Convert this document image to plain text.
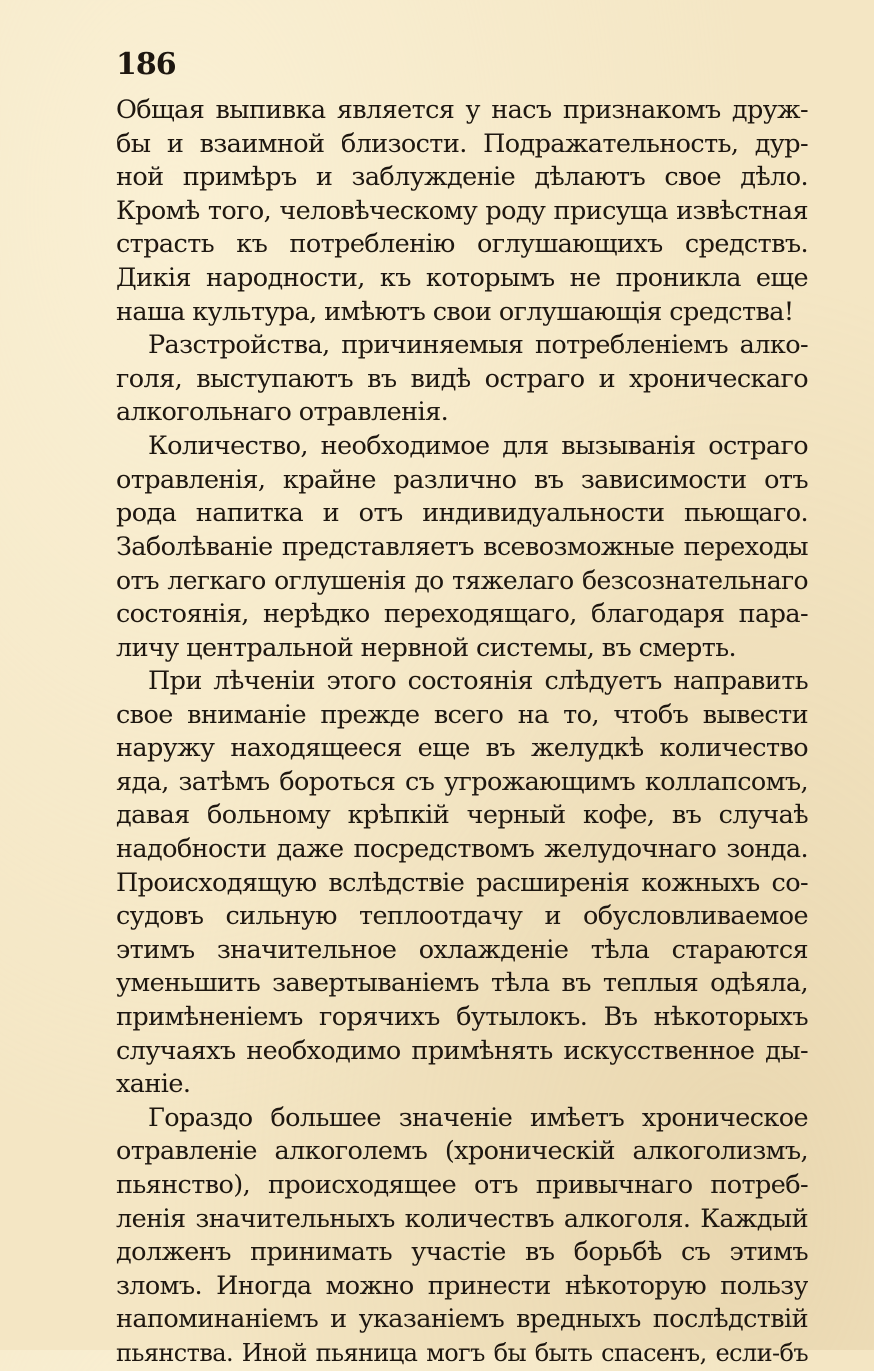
186
Общая выпивка является у насъ признакомъ друж-
бы и взаимной близости. Подражательность, дур-
ной примѣръ и заблужденіе дѣлаютъ свое дѣло.
Кромѣ того, человѣческому роду присуща извѣстная
страсть къ потребленію оглушающихъ средствъ.
Дикія народности, къ которымъ не проникла еще
наша культура, имѣютъ свои оглушающія средства!
Разстройства, причиняемыя потребленіемъ алко-
голя, выступаютъ въ видѣ остраго и хроническаго
алкогольнаго отравленія.
Количество, необходимое для вызыванія остраго
отравленія, крайне различно въ зависимости отъ
рода напитка и отъ индивидуальности пьющаго.
Заболѣваніе представляетъ всевозможные переходы
отъ легкаго оглушенія до тяжелаго безсознательнаго
состоянія, нерѣдко переходящаго, благодаря пара-
личу центральной нервной системы, въ смерть.
При лѣченіи этого состоянія слѣдуетъ направить
свое вниманіе прежде всего на то, чтобъ вывести
наружу находящееся еще въ желудкѣ количество
яда, затѣмъ бороться съ угрожающимъ коллапсомъ,
давая больному крѣпкій черный кофе, въ случаѣ
надобности даже посредствомъ желудочнаго зонда.
Происходящую вслѣдствіе расширенія кожныхъ со-
судовъ сильную теплоотдачу и обусловливаемое
этимъ значительное охлажденіе тѣла стараются
уменьшить завертываніемъ тѣла въ теплыя одѣяла,
примѣненіемъ горячихъ бутылокъ. Въ нѣкоторыхъ
случаяхъ необходимо примѣнять искусственное ды-
ханіе.
Гораздо большее значеніе имѣетъ хроническое
отравленіе алкоголемъ (хроническій алкоголизмъ,
пьянство), происходящее отъ привычнаго потреб-
ленія значительныхъ количествъ алкоголя. Каждый
долженъ принимать участіе въ борьбѣ съ этимъ
зломъ. Иногда можно принести нѣкоторую пользу
напоминаніемъ и указаніемъ вредныхъ послѣдствій
пьянства. Иной пьяница могъ бы быть спасенъ, если-бъ
